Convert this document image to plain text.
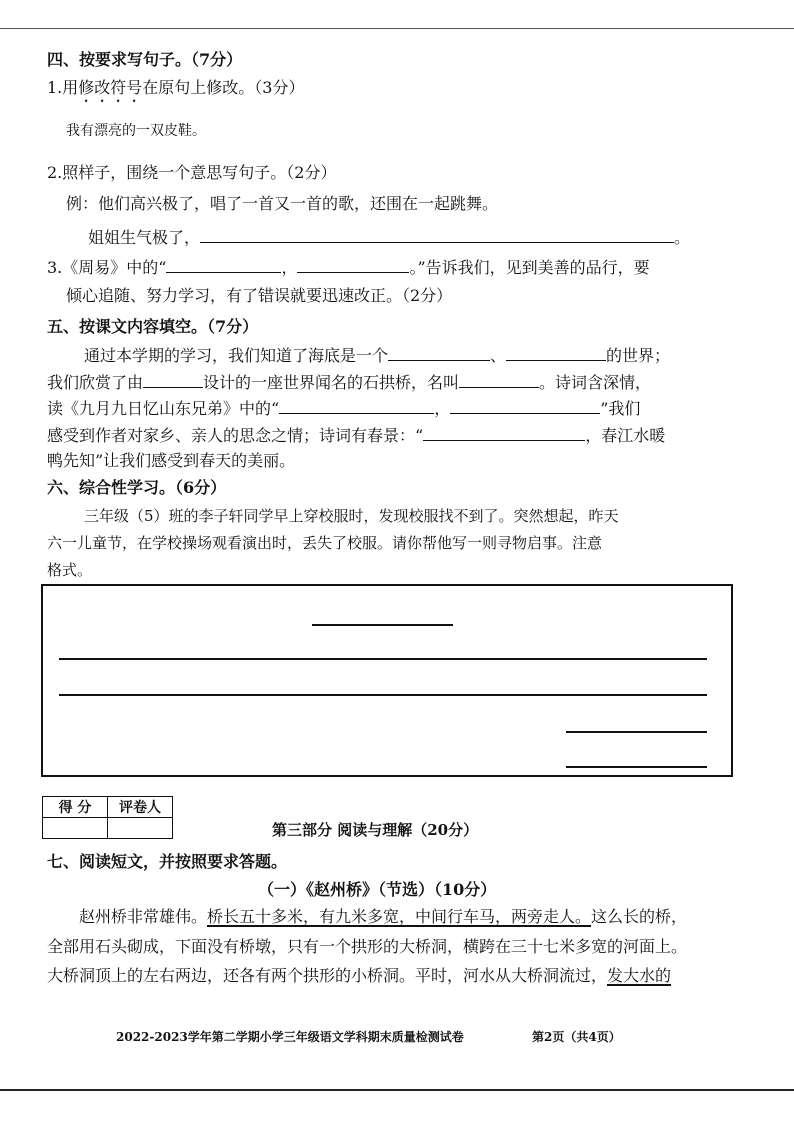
四、按要求写句子。（7分）
1.用修改符号在原句上修改。（3分）
我有漂亮的一双皮鞋。
2.照样子，围绕一个意思写句子。（2分）
例：他们高兴极了，唱了一首又一首的歌，还围在一起跳舞。
姐姐生气极了，	。
3.《周易》中的“	，	。”告诉我们，见到美善的品行，要
倾心追随、努力学习，有了错误就要迅速改正。（2分）
五、按课文内容填空。（7分）
通过本学期的学习，我们知道了海底是一个	、	的世界；
我们欣赏了由	设计的一座世界闻名的石拱桥，名叫	。诗词含深情，
读《九月九日忆山东兄弟》中的“	，	”我们
感受到作者对家乡、亲人的思念之情；诗词有春景：“	，春江水暖
鸭先知”让我们感受到春天的美丽。
六、综合性学习。（6分）
三年级（5）班的李子轩同学早上穿校服时，发现校服找不到了。突然想起，昨天
六一儿童节，在学校操场观看演出时，丢失了校服。请你帮他写一则寻物启事。注意
格式。
得 分	评卷人

第三部分 阅读与理解（20分）
七、阅读短文，并按照要求答题。
（一）《赵州桥》（节选）（10分）
赵州桥非常雄伟。桥长五十多米，有九米多宽，中间行车马，两旁走人。这么长的桥，
全部用石头砌成，下面没有桥墩，只有一个拱形的大桥洞，横跨在三十七米多宽的河面上。
大桥洞顶上的左右两边，还各有两个拱形的小桥洞。平时，河水从大桥洞流过，发大水的
2022-2023学年第二学期小学三年级语文学科期末质量检测试卷	第2页（共4页）
